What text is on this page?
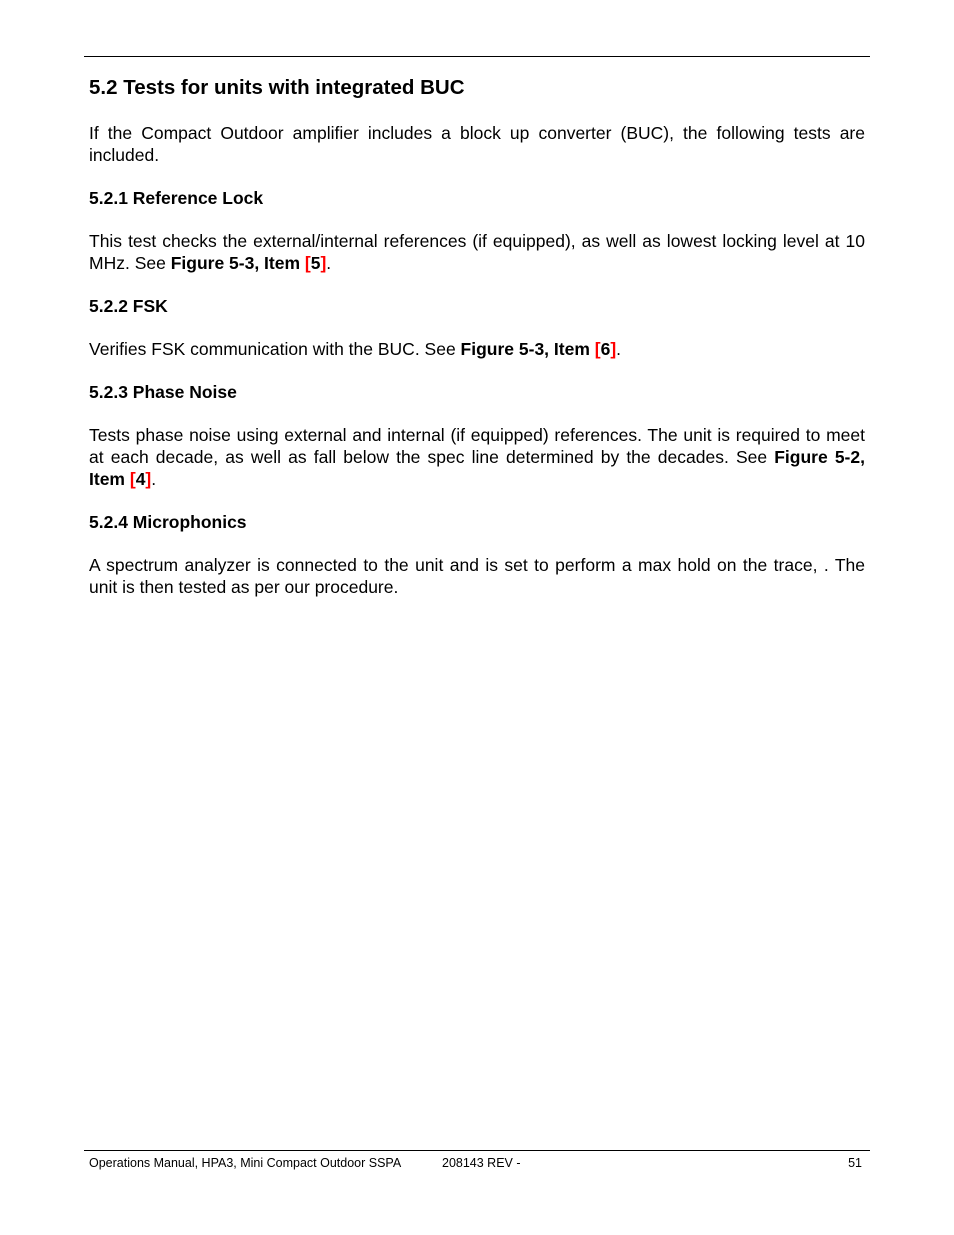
5.2 Tests for units with integrated BUC

If the Compact Outdoor amplifier includes a block up converter (BUC), the following tests are included.

5.2.1 Reference Lock

This test checks the external/internal references (if equipped), as well as lowest locking level at 10 MHz. See Figure 5-3, Item [5].

5.2.2 FSK

Verifies FSK communication with the BUC. See Figure 5-3, Item [6].

5.2.3 Phase Noise

Tests phase noise using external and internal (if equipped) references. The unit is required to meet at each decade, as well as fall below the spec line determined by the decades. See Figure 5-2, Item [4].

5.2.4 Microphonics

A spectrum analyzer is connected to the unit and is set to perform a max hold on the trace, . The unit is then tested as per our procedure.

Operations Manual, HPA3, Mini Compact Outdoor SSPA	208143 REV -	51
